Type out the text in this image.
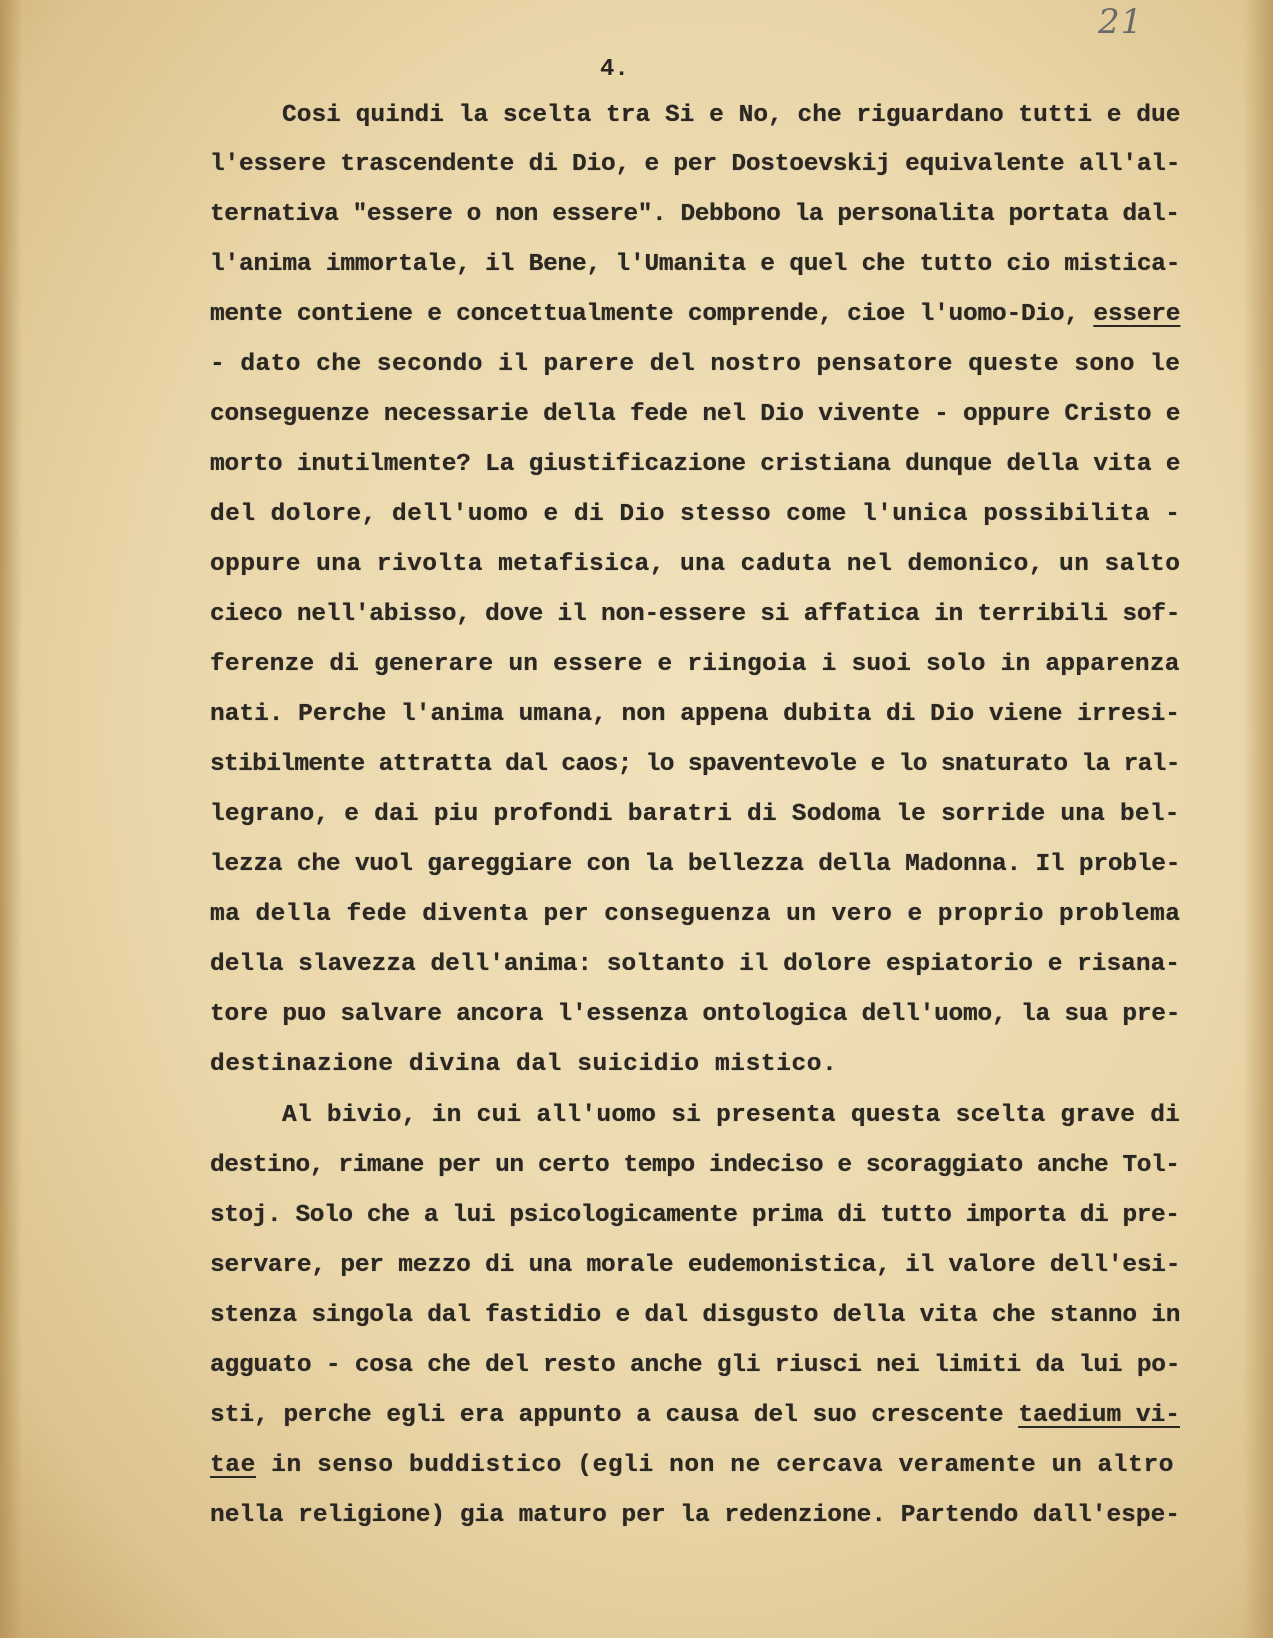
21
4.
Cosi quindi la scelta tra Si e No, che riguardano tutti e due
l'essere trascendente di Dio, e per Dostoevskij equivalente all'al-
ternativa "essere o non essere". Debbono la personalita portata dal-
l'anima immortale, il Bene, l'Umanita e quel che tutto cio mistica-
mente contiene e concettualmente comprende, cioe l'uomo-Dio, essere
- dato che secondo il parere del nostro pensatore queste sono le
conseguenze necessarie della fede nel Dio vivente - oppure Cristo e
morto inutilmente? La giustificazione cristiana dunque della vita e
del dolore, dell'uomo e di Dio stesso come l'unica possibilita -
oppure una rivolta metafisica, una caduta nel demonico, un salto
cieco nell'abisso, dove il non-essere si affatica in terribili sof-
ferenze di generare un essere e riingoia i suoi solo in apparenza
nati. Perche l'anima umana, non appena dubita di Dio viene irresi-
stibilmente attratta dal caos; lo spaventevole e lo snaturato la ral-
legrano, e dai piu profondi baratri di Sodoma le sorride una bel-
lezza che vuol gareggiare con la bellezza della Madonna. Il proble-
ma della fede diventa per conseguenza un vero e proprio problema
della slavezza dell'anima: soltanto il dolore espiatorio e risana-
tore puo salvare ancora l'essenza ontologica dell'uomo, la sua pre-
destinazione divina dal suicidio mistico.
Al bivio, in cui all'uomo si presenta questa scelta grave di
destino, rimane per un certo tempo indeciso e scoraggiato anche Tol-
stoj. Solo che a lui psicologicamente prima di tutto importa di pre-
servare, per mezzo di una morale eudemonistica, il valore dell'esi-
stenza singola dal fastidio e dal disgusto della vita che stanno in
agguato - cosa che del resto anche gli riusci nei limiti da lui po-
sti, perche egli era appunto a causa del suo crescente taedium vi-
tae in senso buddistico (egli non ne cercava veramente un altro
nella religione) gia maturo per la redenzione. Partendo dall'espe-
